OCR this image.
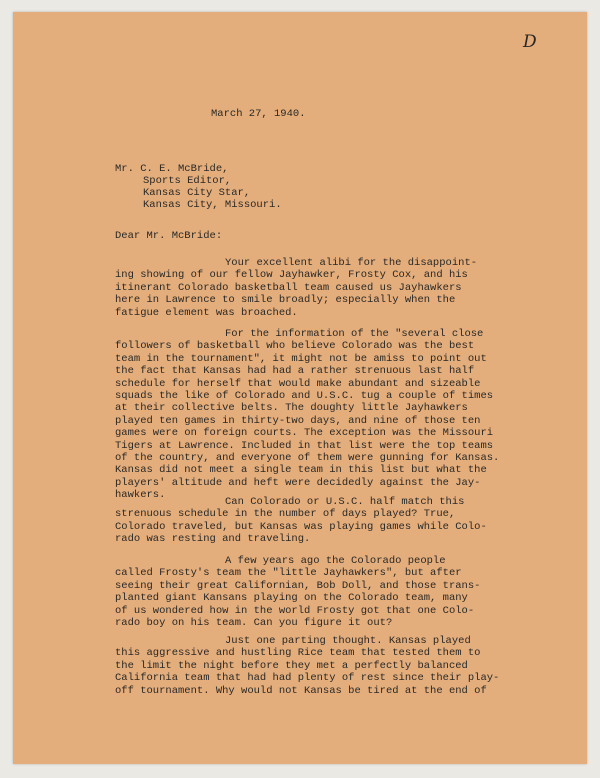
D

March 27, 1940.

Mr. C. E. McBride,

Sports Editor,

Kansas City Star,

Kansas City, Missouri.

Dear Mr. McBride:

Your excellent alibi for the disappoint-
ing showing of our fellow Jayhawker, Frosty Cox, and his
itinerant Colorado basketball team caused us Jayhawkers
here in Lawrence to smile broadly; especially when the
fatigue element was broached.
For the information of the "several close
followers of basketball who believe Colorado was the best
team in the tournament", it might not be amiss to point out
the fact that Kansas had had a rather strenuous last half
schedule for herself that would make abundant and sizeable
squads the like of Colorado and U.S.C. tug a couple of times
at their collective belts. The doughty little Jayhawkers
played ten games in thirty-two days, and nine of those ten
games were on foreign courts. The exception was the Missouri
Tigers at Lawrence. Included in that list were the top teams
of the country, and everyone of them were gunning for Kansas.
Kansas did not meet a single team in this list but what the
players' altitude and heft were decidedly against the Jay-
hawkers.
Can Colorado or U.S.C. half match this
strenuous schedule in the number of days played? True,
Colorado traveled, but Kansas was playing games while Colo-
rado was resting and traveling.
A few years ago the Colorado people
called Frosty's team the "little Jayhawkers", but after
seeing their great Californian, Bob Doll, and those trans-
planted giant Kansans playing on the Colorado team, many
of us wondered how in the world Frosty got that one Colo-
rado boy on his team. Can you figure it out?
Just one parting thought. Kansas played
this aggressive and hustling Rice team that tested them to
the limit the night before they met a perfectly balanced
California team that had had plenty of rest since their play-
off tournament. Why would not Kansas be tired at the end of
